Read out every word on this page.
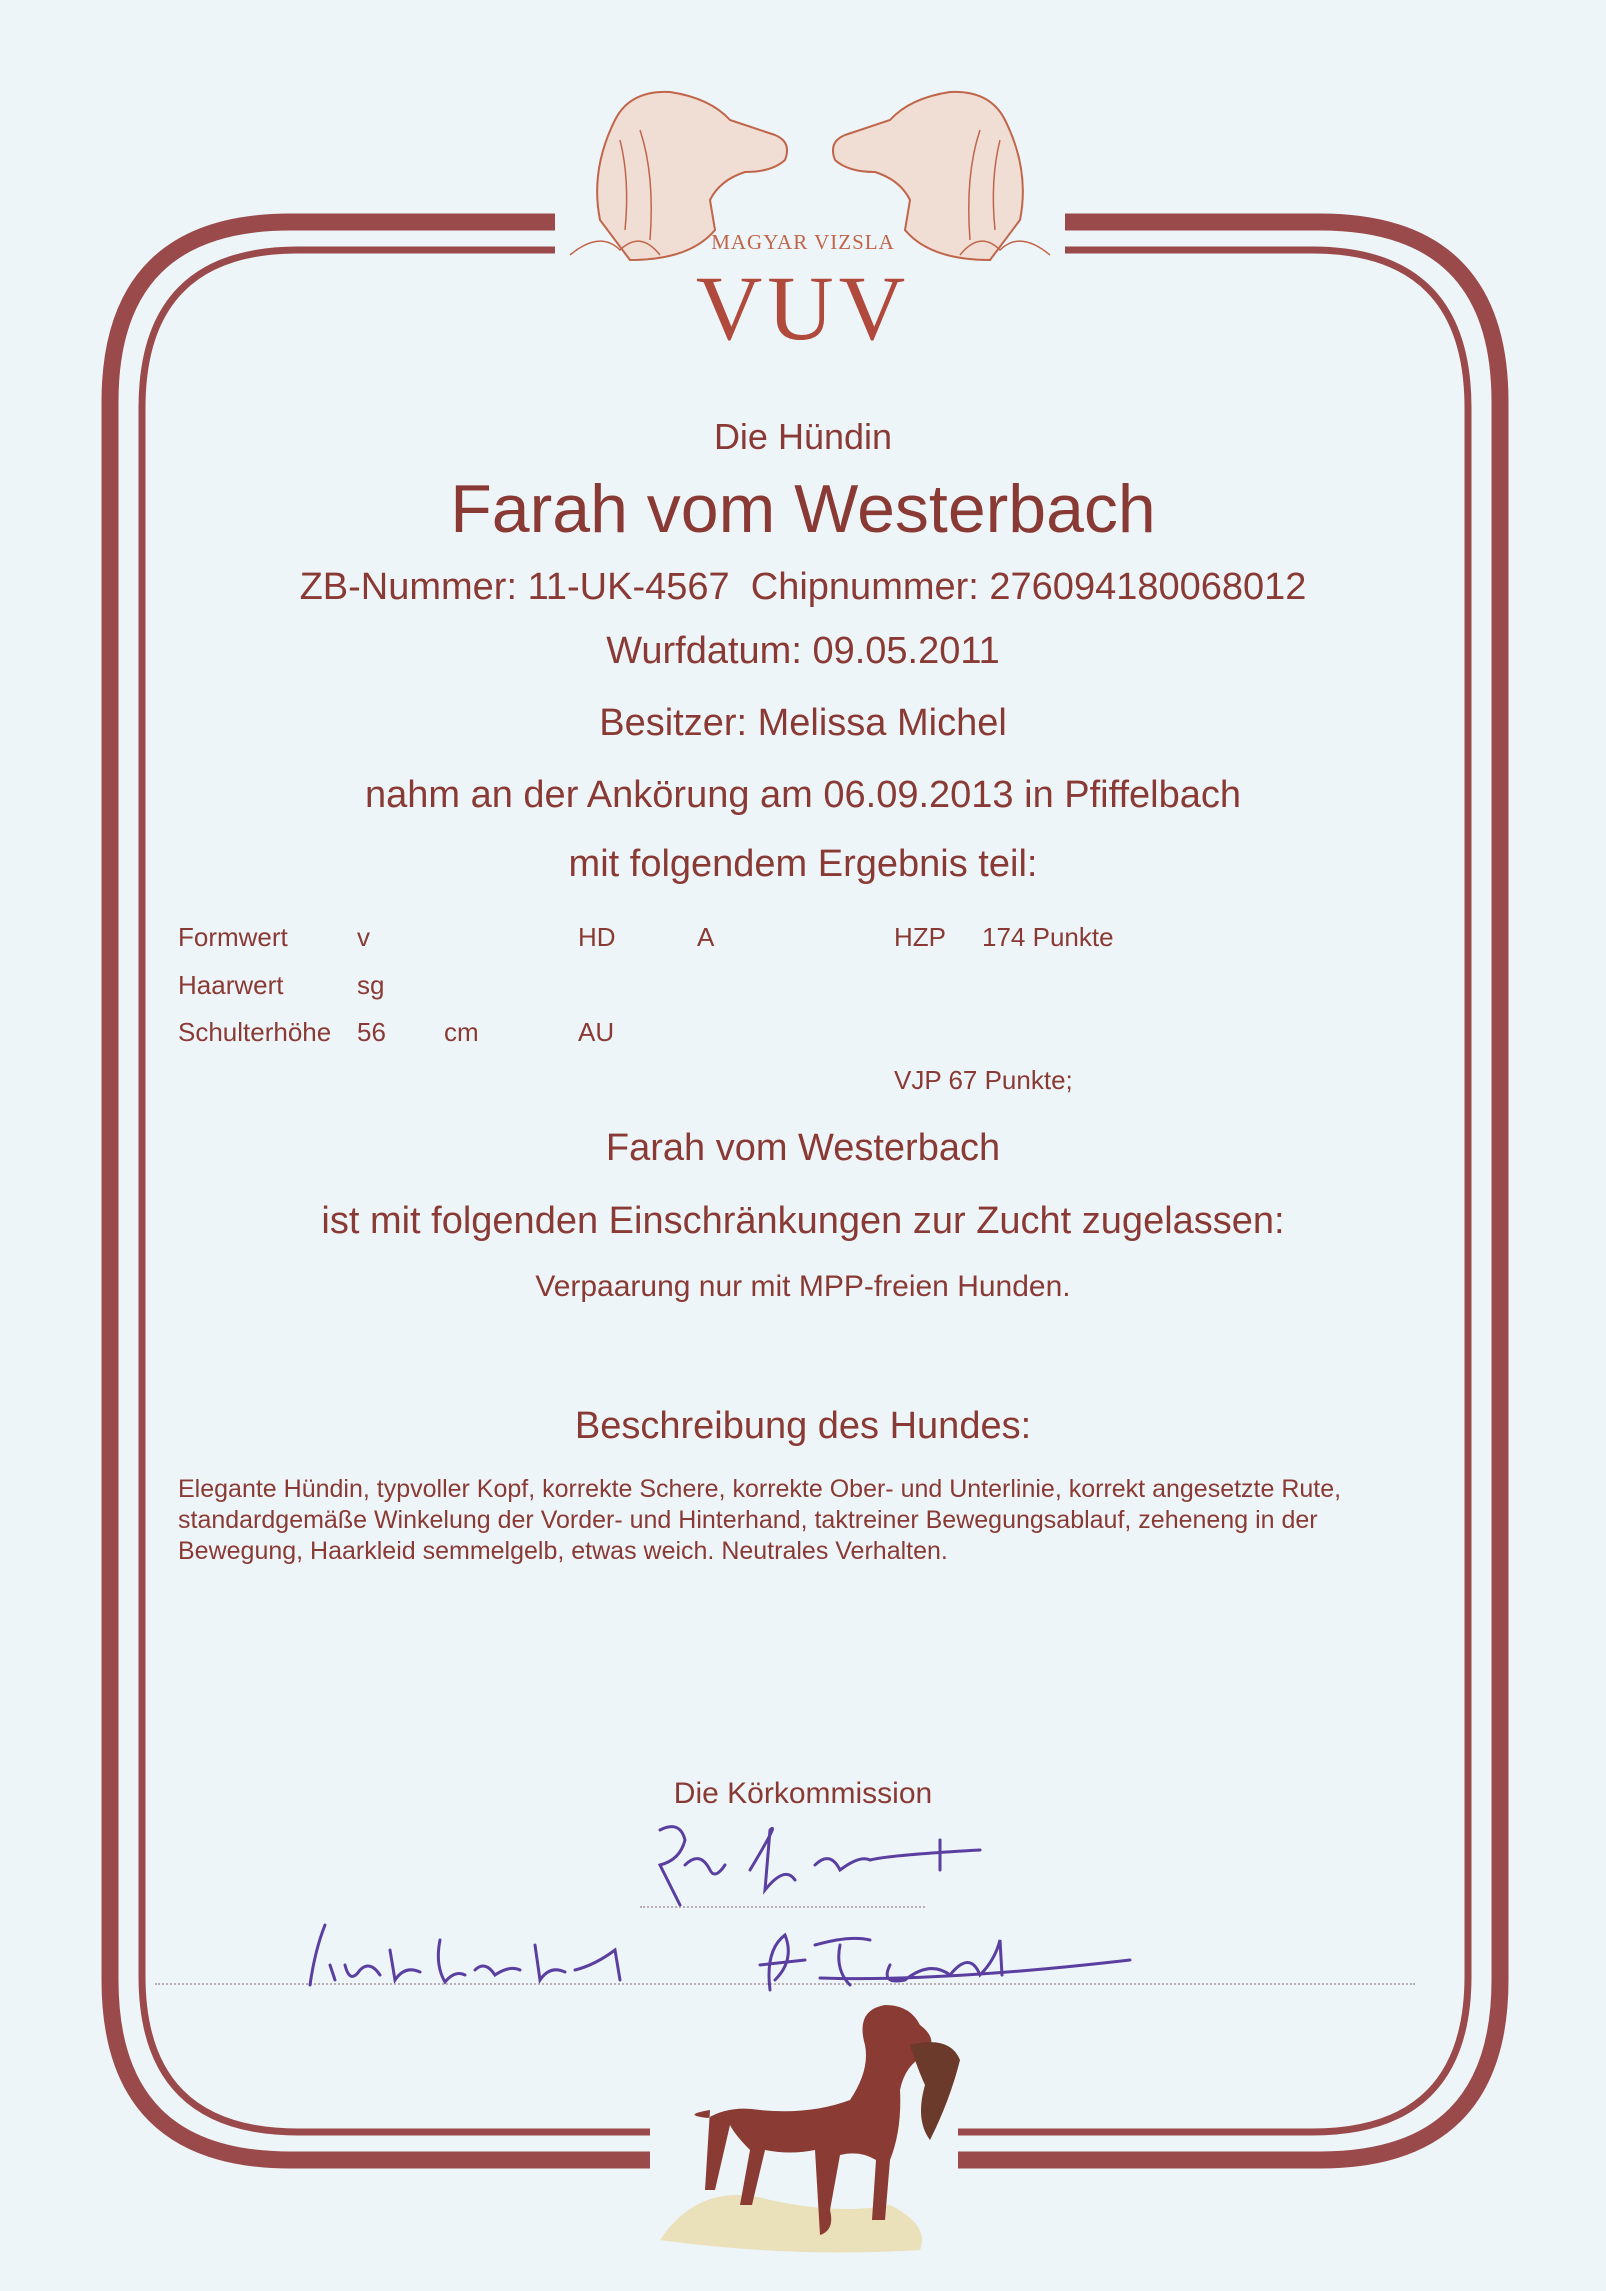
MAGYAR VIZSLA
VUV
Die Hündin
Farah vom Westerbach
ZB-Nummer: 11-UK-4567  Chipnummer: 276094180068012
Wurfdatum: 09.05.2011
Besitzer: Melissa Michel
nahm an der Ankörung am 06.09.2013 in Pfiffelbach
mit folgendem Ergebnis teil:
Formwert	v	HD	A	HZP 174 Punkte
Haarwert	sg
Schulterhöhe 56 cm	AU
VJP 67 Punkte;
Farah vom Westerbach
ist mit folgenden Einschränkungen zur Zucht zugelassen:
Verpaarung nur mit MPP-freien Hunden.
Beschreibung des Hundes:
Elegante Hündin, typvoller Kopf, korrekte Schere, korrekte Ober- und Unterlinie, korrekt angesetzte Rute, standardgemäße Winkelung der Vorder- und Hinterhand, taktreiner Bewegungsablauf, zeheneng in der Bewegung, Haarkleid semmelgelb, etwas weich. Neutrales Verhalten.
Die Körkommission
